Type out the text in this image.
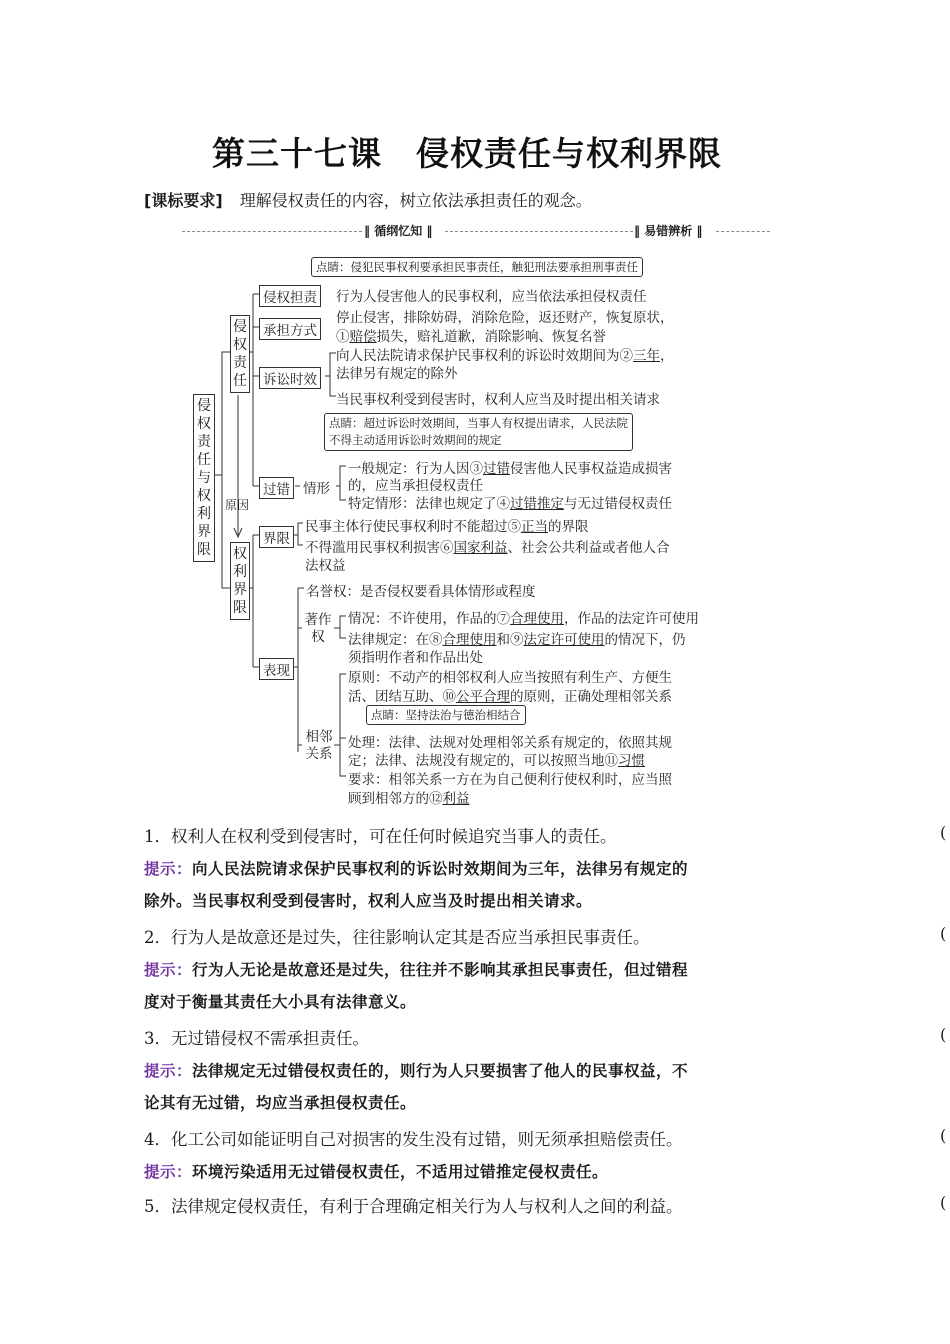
第三十七课　侵权责任与权利界限
[课标要求] 理解侵权责任的内容，树立依法承担责任的观念。
‖ 循纲忆知 ‖	‖ 易错辨析 ‖
侵权责任与权利界限
侵权责任
权利界限
原因
点睛：侵犯民事权利要承担民事责任，触犯刑法要承担刑事责任
侵权担责 行为人侵害他人的民事权利，应当依法承担侵权责任
承担方式
停止侵害，排除妨碍，消除危险，返还财产，恢复原状，
①赔偿损失，赔礼道歉，消除影响、恢复名誉
诉讼时效
向人民法院请求保护民事权利的诉讼时效期间为②三年，
法律另有规定的除外
当民事权利受到侵害时，权利人应当及时提出相关请求
点睛：超过诉讼时效期间，当事人有权提出请求，人民法院
不得主动适用诉讼时效期间的规定
过错 情形
一般规定：行为人因③过错侵害他人民事权益造成损害
的，应当承担侵权责任
特定情形：法律也规定了④过错推定与无过错侵权责任
界限
民事主体行使民事权利时不能超过⑤正当的界限
不得滥用民事权利损害⑥国家利益、社会公共利益或者他人合
法权益
表现
名誉权：是否侵权要看具体情形或程度
著作权
情况：不许使用，作品的⑦合理使用，作品的法定许可使用
法律规定：在⑧合理使用和⑨法定许可使用的情况下，仍
须指明作者和作品出处
相邻关系
原则：不动产的相邻权利人应当按照有利生产、方便生
活、团结互助、⑩公平合理的原则，正确处理相邻关系
点睛：坚持法治与德治相结合
处理：法律、法规对处理相邻关系有规定的，依照其规
定；法律、法规没有规定的，可以按照当地⑪习惯
要求：相邻关系一方在为自己便利行使权利时，应当照
顾到相邻方的⑫利益
1．权利人在权利受到侵害时，可在任何时候追究当事人的责任。	(
提示：向人民法院请求保护民事权利的诉讼时效期间为三年，法律另有规定的
除外。当民事权利受到侵害时，权利人应当及时提出相关请求。
2．行为人是故意还是过失，往往影响认定其是否应当承担民事责任。	(
提示：行为人无论是故意还是过失，往往并不影响其承担民事责任，但过错程
度对于衡量其责任大小具有法律意义。
3．无过错侵权不需承担责任。	(
提示：法律规定无过错侵权责任的，则行为人只要损害了他人的民事权益，不
论其有无过错，均应当承担侵权责任。
4．化工公司如能证明自己对损害的发生没有过错，则无须承担赔偿责任。	(
提示：环境污染适用无过错侵权责任，不适用过错推定侵权责任。
5．法律规定侵权责任，有利于合理确定相关行为人与权利人之间的利益。	(
